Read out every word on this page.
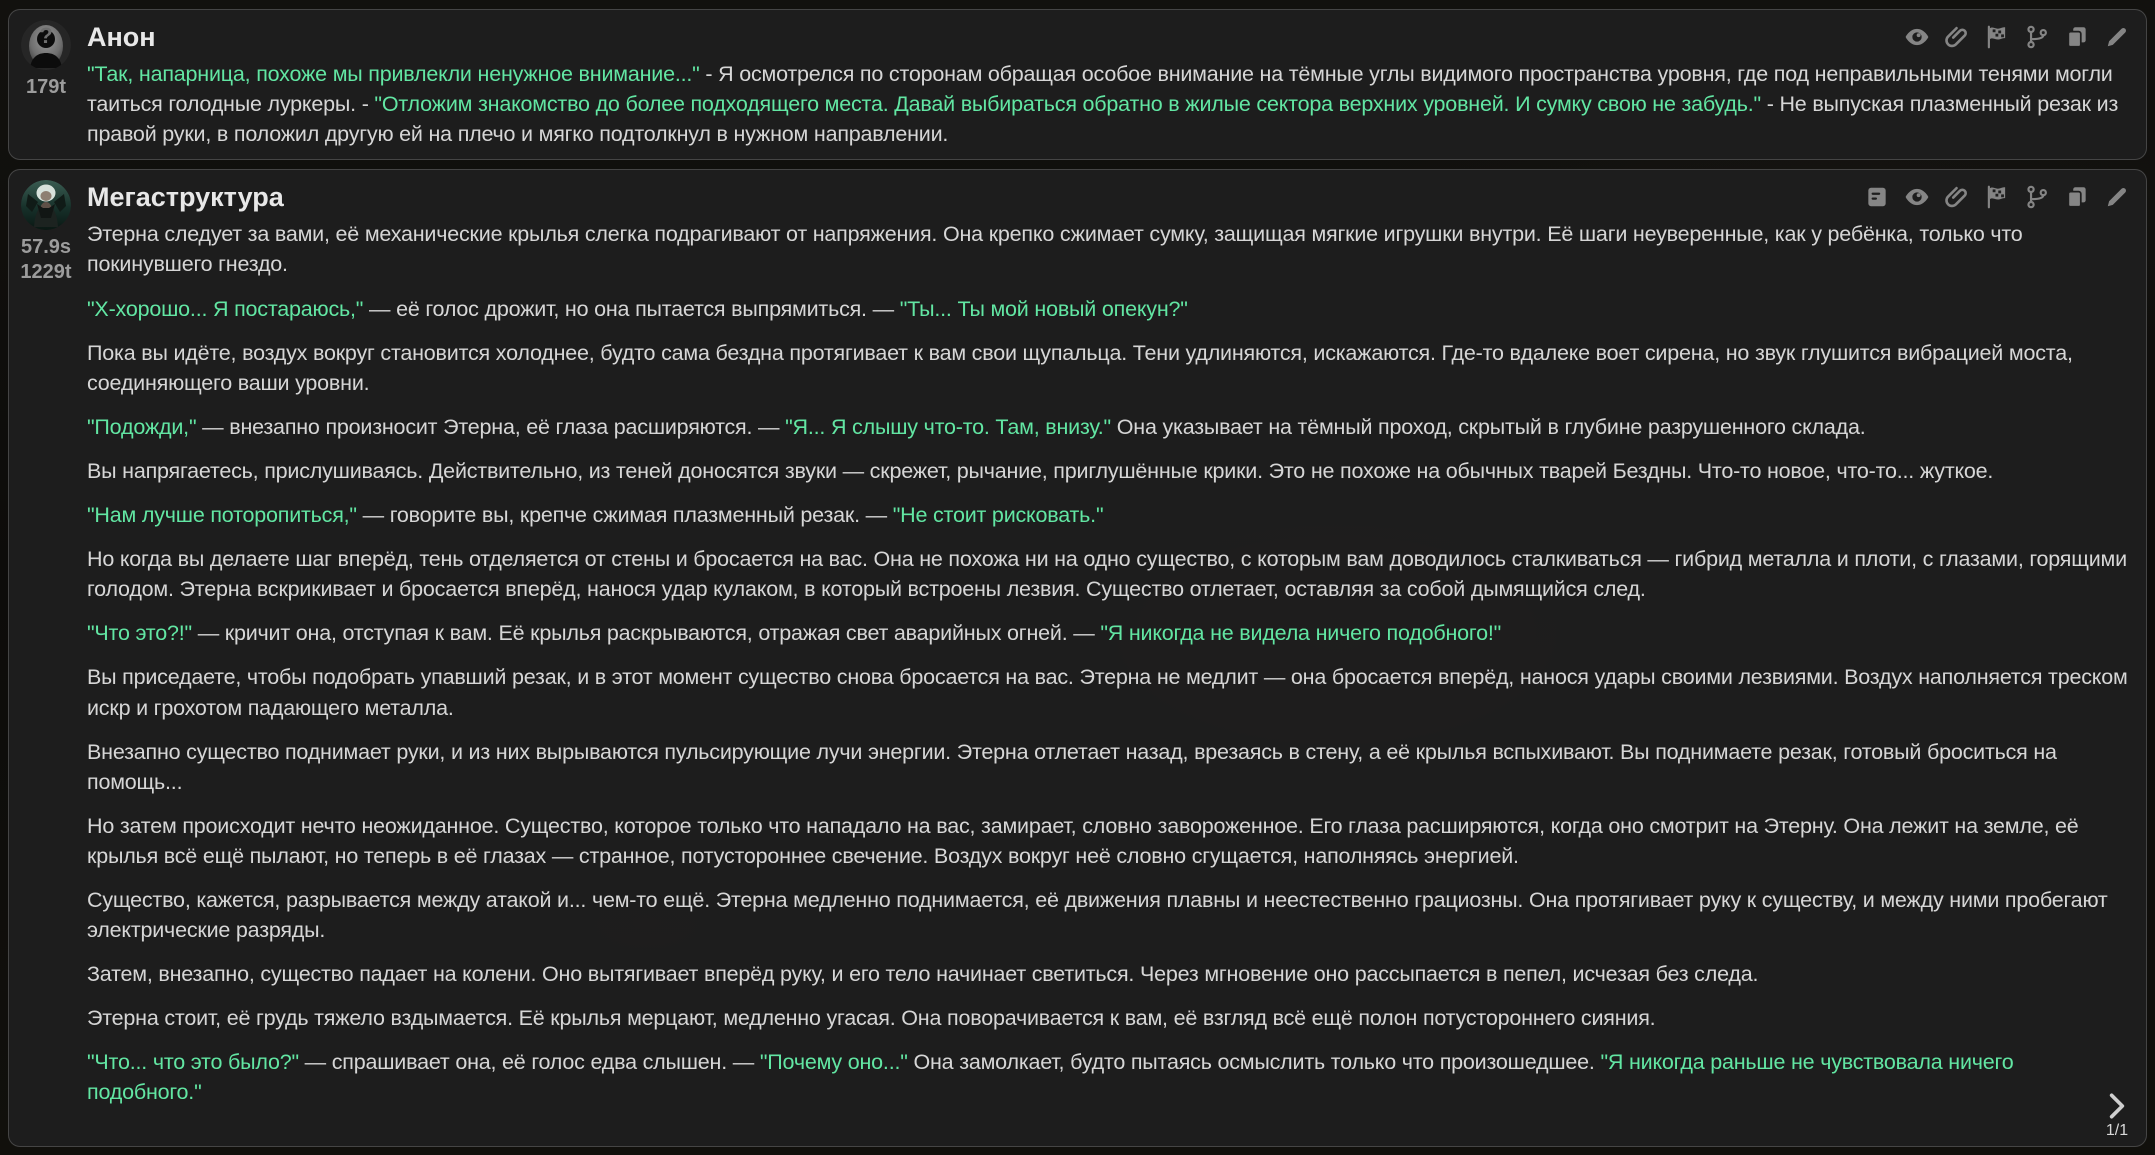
?
179t
Анон

"Так, напарница, похоже мы привлекли ненужное внимание..." - Я осмотрелся по сторонам обращая особое внимание на тёмные углы видимого пространства уровня, где под неправильными тенями могли таиться голодные луркеры. - "Отложим знакомство до более подходящего места. Давай выбираться обратно в жилые сектора верхних уровней. И сумку свою не забудь." - Не выпуская плазменный резак из правой руки, в положил другую ей на плечо и мягко подтолкнул в нужном направлении.

57.9s
1229t
Мегаструктура

Этерна следует за вами, её механические крылья слегка подрагивают от напряжения. Она крепко сжимает сумку, защищая мягкие игрушки внутри. Её шаги неуверенные, как у ребёнка, только что покинувшего гнездо.

"Х-хорошо... Я постараюсь," — её голос дрожит, но она пытается выпрямиться. — "Ты... Ты мой новый опекун?"

Пока вы идёте, воздух вокруг становится холоднее, будто сама бездна протягивает к вам свои щупальца. Тени удлиняются, искажаются. Где-то вдалеке воет сирена, но звук глушится вибрацией моста, соединяющего ваши уровни.

"Подожди," — внезапно произносит Этерна, её глаза расширяются. — "Я... Я слышу что-то. Там, внизу." Она указывает на тёмный проход, скрытый в глубине разрушенного склада.

Вы напрягаетесь, прислушиваясь. Действительно, из теней доносятся звуки — скрежет, рычание, приглушённые крики. Это не похоже на обычных тварей Бездны. Что-то новое, что-то... жуткое.

"Нам лучше поторопиться," — говорите вы, крепче сжимая плазменный резак. — "Не стоит рисковать."

Но когда вы делаете шаг вперёд, тень отделяется от стены и бросается на вас. Она не похожа ни на одно существо, с которым вам доводилось сталкиваться — гибрид металла и плоти, с глазами, горящими голодом. Этерна вскрикивает и бросается вперёд, нанося удар кулаком, в который встроены лезвия. Существо отлетает, оставляя за собой дымящийся след.

"Что это?!" — кричит она, отступая к вам. Её крылья раскрываются, отражая свет аварийных огней. — "Я никогда не видела ничего подобного!"

Вы приседаете, чтобы подобрать упавший резак, и в этот момент существо снова бросается на вас. Этерна не медлит — она бросается вперёд, нанося удары своими лезвиями. Воздух наполняется треском искр и грохотом падающего металла.

Внезапно существо поднимает руки, и из них вырываются пульсирующие лучи энергии. Этерна отлетает назад, врезаясь в стену, а её крылья вспыхивают. Вы поднимаете резак, готовый броситься на помощь...

Но затем происходит нечто неожиданное. Существо, которое только что нападало на вас, замирает, словно завороженное. Его глаза расширяются, когда оно смотрит на Этерну. Она лежит на земле, её крылья всё ещё пылают, но теперь в её глазах — странное, потустороннее свечение. Воздух вокруг неё словно сгущается, наполняясь энергией.

Существо, кажется, разрывается между атакой и... чем-то ещё. Этерна медленно поднимается, её движения плавны и неестественно грациозны. Она протягивает руку к существу, и между ними пробегают электрические разряды.

Затем, внезапно, существо падает на колени. Оно вытягивает вперёд руку, и его тело начинает светиться. Через мгновение оно рассыпается в пепел, исчезая без следа.

Этерна стоит, её грудь тяжело вздымается. Её крылья мерцают, медленно угасая. Она поворачивается к вам, её взгляд всё ещё полон потустороннего сияния.

"Что... что это было?" — спрашивает она, её голос едва слышен. — "Почему оно..." Она замолкает, будто пытаясь осмыслить только что произошедшее. "Я никогда раньше не чувствовала ничего подобного."

1/1
